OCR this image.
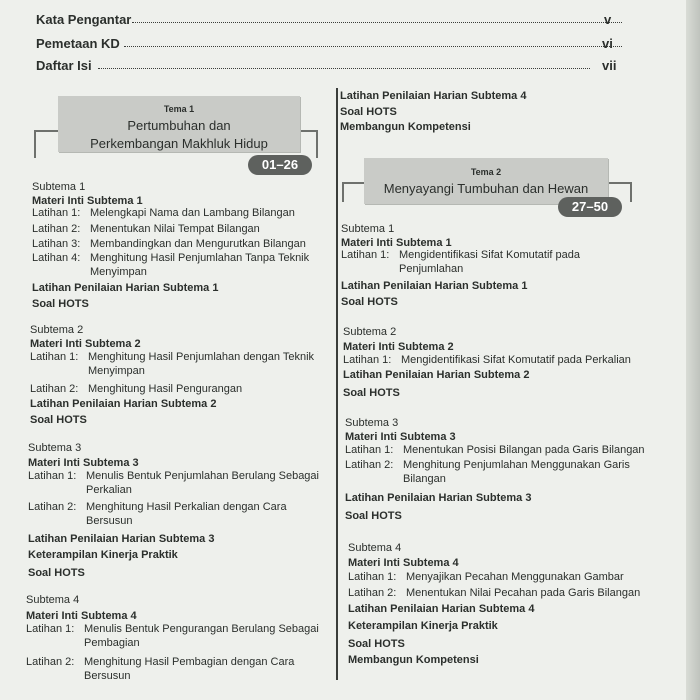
Kata Pengantar	v
Pemetaan KD	vi
Daftar Isi	vii
Tema 1
Pertumbuhan dan
Perkembangan Makhluk Hidup
01–26
Latihan Penilaian Harian Subtema 4
Soal HOTS
Membangun Kompetensi
Tema 2
Menyayangi Tumbuhan dan Hewan
27–50
Subtema 1
Materi Inti Subtema 1
Latihan 1: Melengkapi Nama dan Lambang Bilangan
Latihan 2: Menentukan Nilai Tempat Bilangan
Latihan 3: Membandingkan dan Mengurutkan Bilangan
Latihan 4: Menghitung Hasil Penjumlahan Tanpa Teknik
Menyimpan
Latihan Penilaian Harian Subtema 1
Soal HOTS
Subtema 2
Materi Inti Subtema 2
Latihan 1: Menghitung Hasil Penjumlahan dengan Teknik
Menyimpan
Latihan 2: Menghitung Hasil Pengurangan
Latihan Penilaian Harian Subtema 2
Soal HOTS
Subtema 3
Materi Inti Subtema 3
Latihan 1: Menulis Bentuk Penjumlahan Berulang Sebagai
Perkalian
Latihan 2: Menghitung Hasil Perkalian dengan Cara
Bersusun
Latihan Penilaian Harian Subtema 3
Keterampilan Kinerja Praktik
Soal HOTS
Subtema 4
Materi Inti Subtema 4
Latihan 1: Menulis Bentuk Pengurangan Berulang Sebagai
Pembagian
Latihan 2: Menghitung Hasil Pembagian dengan Cara
Bersusun
Subtema 1
Materi Inti Subtema 1
Latihan 1: Mengidentifikasi Sifat Komutatif pada
Penjumlahan
Latihan Penilaian Harian Subtema 1
Soal HOTS
Subtema 2
Materi Inti Subtema 2
Latihan 1: Mengidentifikasi Sifat Komutatif pada Perkalian
Latihan Penilaian Harian Subtema 2
Soal HOTS
Subtema 3
Materi Inti Subtema 3
Latihan 1: Menentukan Posisi Bilangan pada Garis Bilangan
Latihan 2: Menghitung Penjumlahan Menggunakan Garis
Bilangan
Latihan Penilaian Harian Subtema 3
Soal HOTS
Subtema 4
Materi Inti Subtema 4
Latihan 1: Menyajikan Pecahan Menggunakan Gambar
Latihan 2: Menentukan Nilai Pecahan pada Garis Bilangan
Latihan Penilaian Harian Subtema 4
Keterampilan Kinerja Praktik
Soal HOTS
Membangun Kompetensi
